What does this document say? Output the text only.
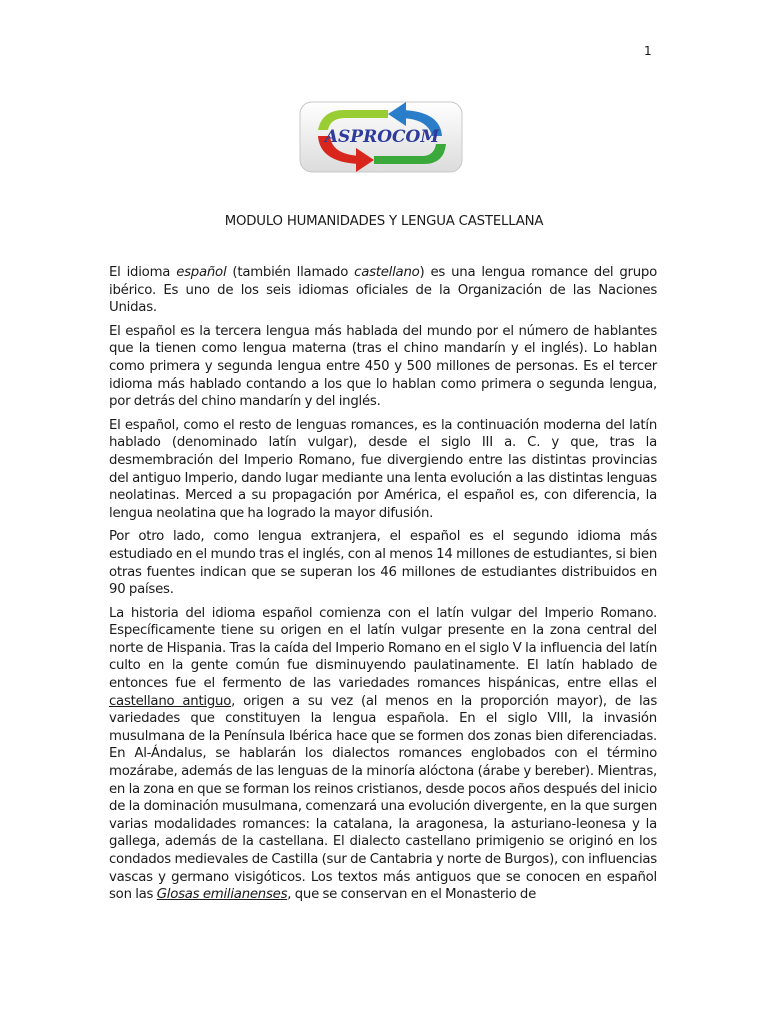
1
ASPROCOM
MODULO HUMANIDADES Y LENGUA CASTELLANA

El idioma español (también llamado castellano) es una lengua romance del grupo ibérico. Es uno de los seis idiomas oficiales de la Organización de las Naciones Unidas.

El español es la tercera lengua más hablada del mundo por el número de hablantes que la tienen como lengua materna (tras el chino mandarín y el inglés). Lo hablan como primera y segunda lengua entre 450 y 500 millones de personas. Es el tercer idioma más hablado contando a los que lo hablan como primera o segunda lengua, por detrás del chino mandarín y del inglés.

El español, como el resto de lenguas romances, es la continuación moderna del latín hablado (denominado latín vulgar), desde el siglo III a. C. y que, tras la desmembración del Imperio Romano, fue divergiendo entre las distintas provincias del antiguo Imperio, dando lugar mediante una lenta evolución a las distintas lenguas neolatinas. Merced a su propagación por América, el español es, con diferencia, la lengua neolatina que ha logrado la mayor difusión.

Por otro lado, como lengua extranjera, el español es el segundo idioma más estudiado en el mundo tras el inglés, con al menos 14 millones de estudiantes, si bien otras fuentes indican que se superan los 46 millones de estudiantes distribuidos en 90 países.

La historia del idioma español comienza con el latín vulgar del Imperio Romano. Específicamente tiene su origen en el latín vulgar presente en la zona central del norte de Hispania. Tras la caída del Imperio Romano en el siglo V la influencia del latín culto en la gente común fue disminuyendo paulatinamente. El latín hablado de entonces fue el fermento de las variedades romances hispánicas, entre ellas el castellano antiguo, origen a su vez (al menos en la proporción mayor), de las variedades que constituyen la lengua española. En el siglo VIII, la invasión musulmana de la Península Ibérica hace que se formen dos zonas bien diferenciadas. En Al-Ándalus, se hablarán los dialectos romances englobados con el término mozárabe, además de las lenguas de la minoría alóctona (árabe y bereber). Mientras, en la zona en que se forman los reinos cristianos, desde pocos años después del inicio de la dominación musulmana, comenzará una evolución divergente, en la que surgen varias modalidades romances: la catalana, la aragonesa, la asturiano-leonesa y la gallega, además de la castellana. El dialecto castellano primigenio se originó en los condados medievales de Castilla (sur de Cantabria y norte de Burgos), con influencias vascas y germano visigóticos. Los textos más antiguos que se conocen en español son las Glosas emilianenses, que se conservan en el Monasterio de
